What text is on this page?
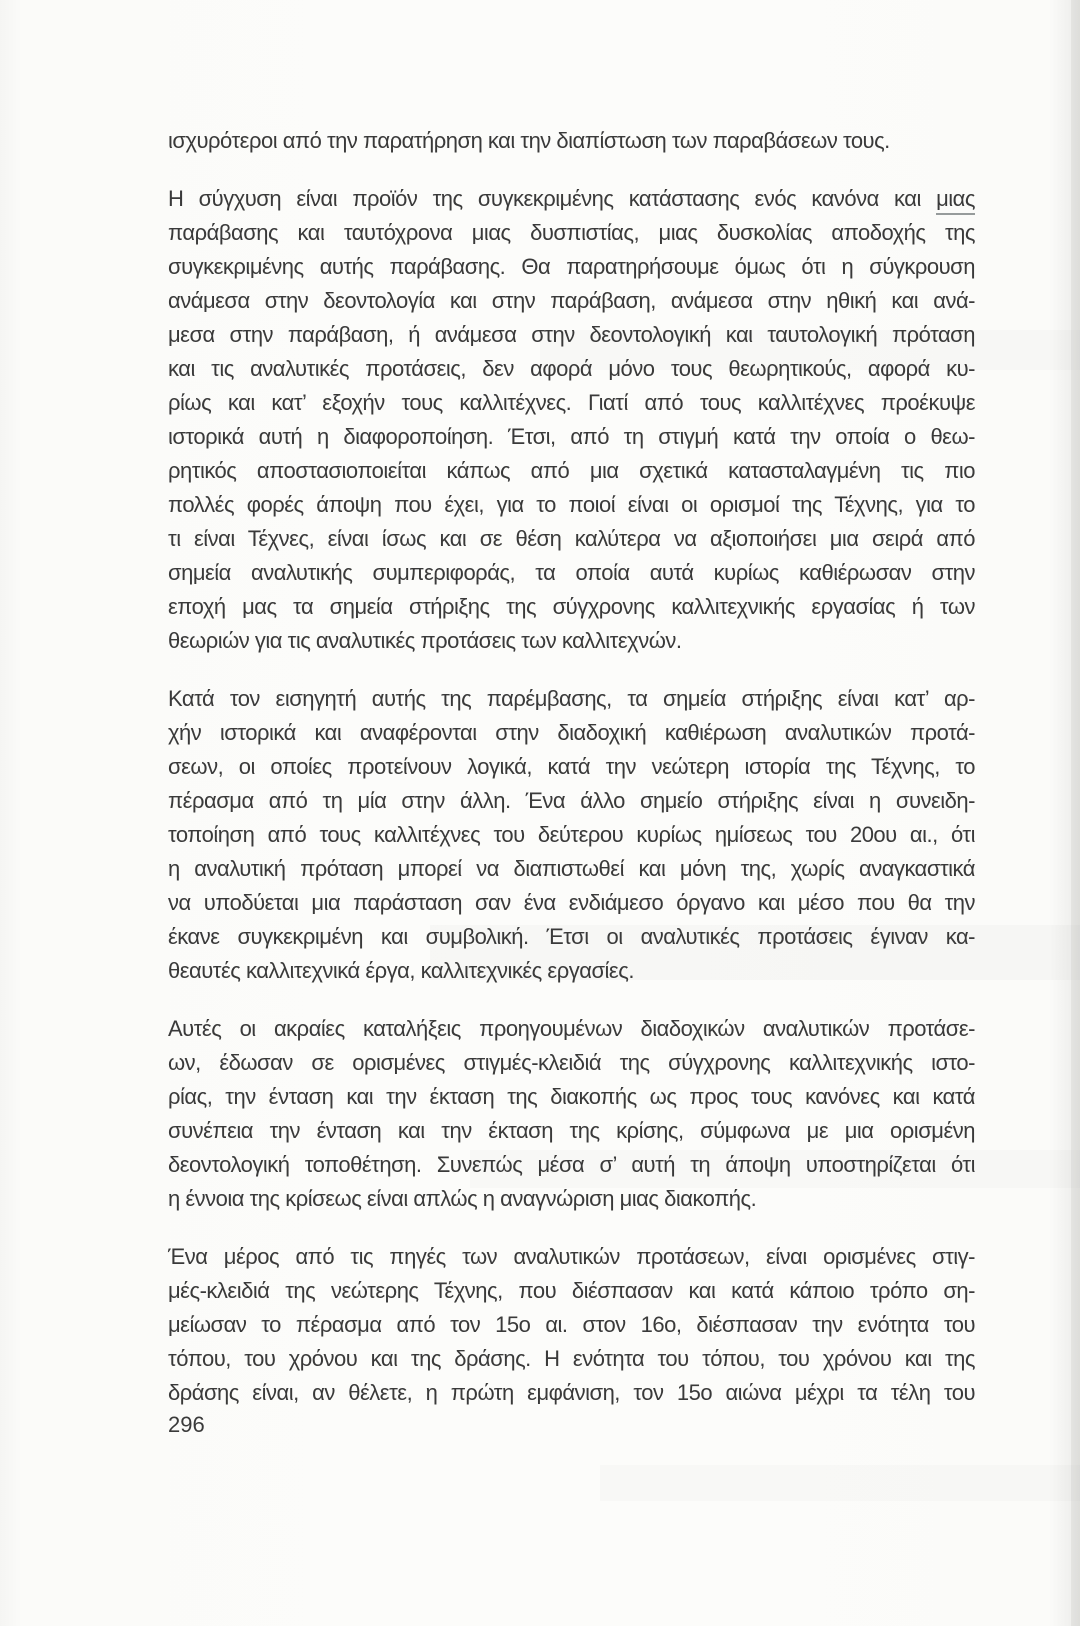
ισχυρότεροι από την παρατήρηση και την διαπίστωση των παραβάσεων τους.
Η σύγχυση είναι προϊόν της συγκεκριμένης κατάστασης ενός κανόνα και μιας
παράβασης και ταυτόχρονα μιας δυσπιστίας, μιας δυσκολίας αποδοχής της
συγκεκριμένης αυτής παράβασης. Θα παρατηρήσουμε όμως ότι η σύγκρουση
ανάμεσα στην δεοντολογία και στην παράβαση, ανάμεσα στην ηθική και ανά-
μεσα στην παράβαση, ή ανάμεσα στην δεοντολογική και ταυτολογική πρόταση
και τις αναλυτικές προτάσεις, δεν αφορά μόνο τους θεωρητικούς, αφορά κυ-
ρίως και κατ’ εξοχήν τους καλλιτέχνες. Γιατί από τους καλλιτέχνες προέκυψε
ιστορικά αυτή η διαφοροποίηση. Έτσι, από τη στιγμή κατά την οποία ο θεω-
ρητικός αποστασιοποιείται κάπως από μια σχετικά κατασταλαγμένη τις πιο
πολλές φορές άποψη που έχει, για το ποιοί είναι οι ορισμοί της Τέχνης, για το
τι είναι Τέχνες, είναι ίσως και σε θέση καλύτερα να αξιοποιήσει μια σειρά από
σημεία αναλυτικής συμπεριφοράς, τα οποία αυτά κυρίως καθιέρωσαν στην
εποχή μας τα σημεία στήριξης της σύγχρονης καλλιτεχνικής εργασίας ή των
θεωριών για τις αναλυτικές προτάσεις των καλλιτεχνών.
Κατά τον εισηγητή αυτής της παρέμβασης, τα σημεία στήριξης είναι κατ’ αρ-
χήν ιστορικά και αναφέρονται στην διαδοχική καθιέρωση αναλυτικών προτά-
σεων, οι οποίες προτείνουν λογικά, κατά την νεώτερη ιστορία της Τέχνης, το
πέρασμα από τη μία στην άλλη. Ένα άλλο σημείο στήριξης είναι η συνειδη-
τοποίηση από τους καλλιτέχνες του δεύτερου κυρίως ημίσεως του 20ου αι., ότι
η αναλυτική πρόταση μπορεί να διαπιστωθεί και μόνη της, χωρίς αναγκαστικά
να υποδύεται μια παράσταση σαν ένα ενδιάμεσο όργανο και μέσο που θα την
έκανε συγκεκριμένη και συμβολική. Έτσι οι αναλυτικές προτάσεις έγιναν κα-
θεαυτές καλλιτεχνικά έργα, καλλιτεχνικές εργασίες.
Αυτές οι ακραίες καταλήξεις προηγουμένων διαδοχικών αναλυτικών προτάσε-
ων, έδωσαν σε ορισμένες στιγμές-κλειδιά της σύγχρονης καλλιτεχνικής ιστο-
ρίας, την ένταση και την έκταση της διακοπής ως προς τους κανόνες και κατά
συνέπεια την ένταση και την έκταση της κρίσης, σύμφωνα με μια ορισμένη
δεοντολογική τοποθέτηση. Συνεπώς μέσα σ’ αυτή τη άποψη υποστηρίζεται ότι
η έννοια της κρίσεως είναι απλώς η αναγνώριση μιας διακοπής.
Ένα μέρος από τις πηγές των αναλυτικών προτάσεων, είναι ορισμένες στιγ-
μές-κλειδιά της νεώτερης Τέχνης, που διέσπασαν και κατά κάποιο τρόπο ση-
μείωσαν το πέρασμα από τον 15ο αι. στον 16ο, διέσπασαν την ενότητα του
τόπου, του χρόνου και της δράσης. Η ενότητα του τόπου, του χρόνου και της
δράσης είναι, αν θέλετε, η πρώτη εμφάνιση, τον 15ο αιώνα μέχρι τα τέλη του
296
